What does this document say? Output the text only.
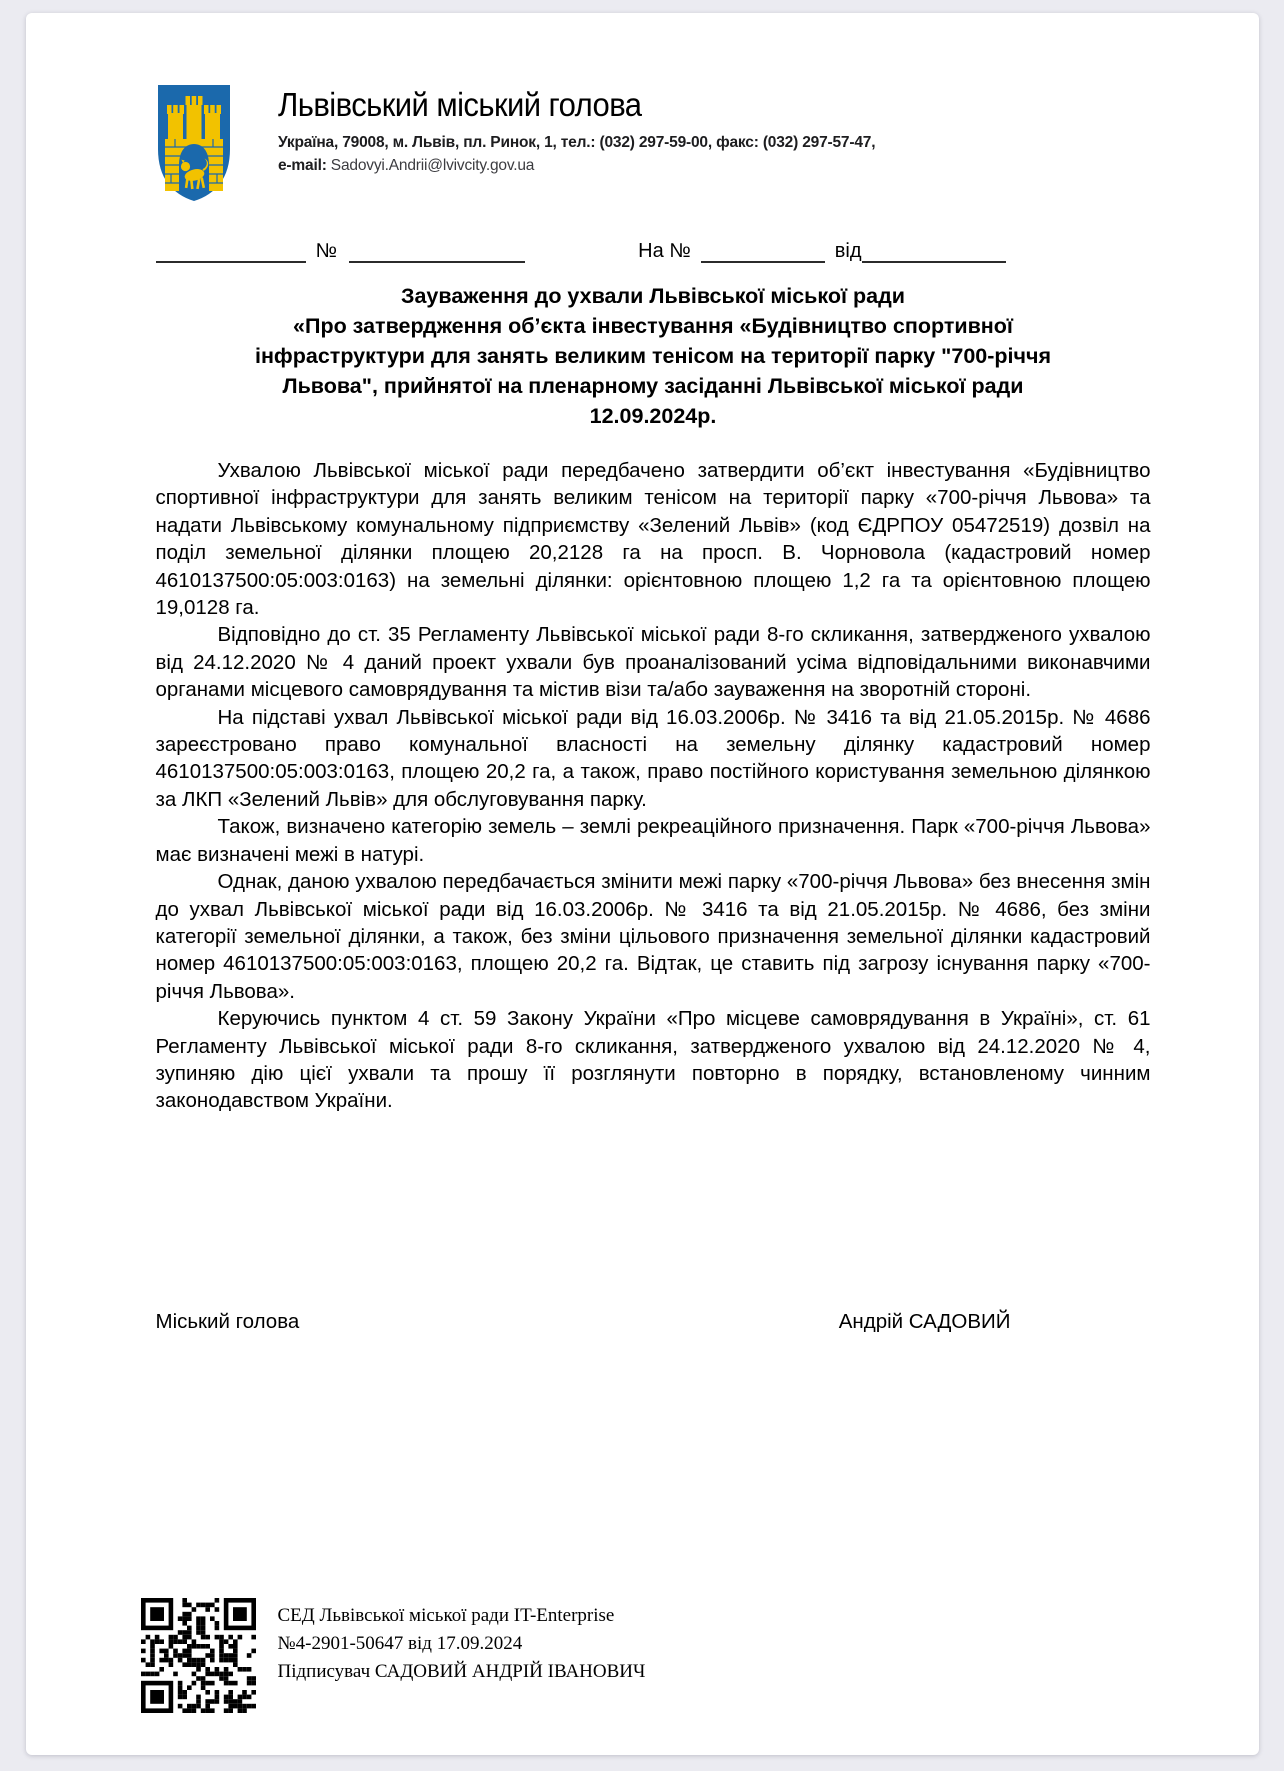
Львівський міський голова
Україна, 79008, м. Львів, пл. Ринок, 1, тел.: (032) 297-59-00, факс: (032) 297-57-47,
e-mail: Sadovyi.Andrii@lvivcity.gov.ua
№	На №	від
Зауваження до ухвали Львівської міської ради
«Про затвердження об’єкта інвестування «Будівництво спортивної
інфраструктури для занять великим тенісом на території парку "700-річчя
Львова", прийнятої на пленарному засіданні Львівської міської ради
12.09.2024р.

Ухвалою Львівської міської ради передбачено затвердити об’єкт інвестування «Будівництво спортивної інфраструктури для занять великим тенісом на території парку «700-річчя Львова» та надати Львівському комунальному підприємству «Зелений Львів» (код ЄДРПОУ 05472519) дозвіл на поділ земельної ділянки площею 20,2128 га на просп. В. Чорновола (кадастровий номер 4610137500:05:003:0163) на земельні ділянки: орієнтовною площею 1,2 га та орієнтовною площею 19,0128 га.

Відповідно до ст. 35 Регламенту Львівської міської ради 8-го скликання, затвердженого ухвалою від 24.12.2020 № 4 даний проект ухвали був проаналізований усіма відповідальними виконавчими органами місцевого самоврядування та містив візи та/або зауваження на зворотній стороні.

На підставі ухвал Львівської міської ради від 16.03.2006р. № 3416 та від 21.05.2015р. № 4686 зареєстровано право комунальної власності на земельну ділянку кадастровий номер 4610137500:05:003:0163, площею 20,2 га, а також, право постійного користування земельною ділянкою за ЛКП «Зелений Львів» для обслуговування парку.

Також, визначено категорію земель – землі рекреаційного призначення. Парк «700-річчя Львова» має визначені межі в натурі.

Однак, даною ухвалою передбачається змінити межі парку «700-річчя Львова» без внесення змін до ухвал Львівської міської ради від 16.03.2006р. № 3416 та від 21.05.2015р. № 4686, без зміни категорії земельної ділянки, а також, без зміни цільового призначення земельної ділянки кадастровий номер 4610137500:05:003:0163, площею 20,2 га. Відтак, це ставить під загрозу існування парку «700-річчя Львова».

Керуючись пунктом 4 ст. 59 Закону України «Про місцеве самоврядування в Україні», ст. 61 Регламенту Львівської міської ради 8-го скликання, затвердженого ухвалою від 24.12.2020 № 4, зупиняю дію цієї ухвали та прошу її розглянути повторно в порядку, встановленому чинним законодавством України.

Міський голова	Андрій САДОВИЙ
СЕД Львівської міської ради IT-Enterprise
№4-2901-50647 від 17.09.2024
Підписувач САДОВИЙ АНДРІЙ ІВАНОВИЧ
